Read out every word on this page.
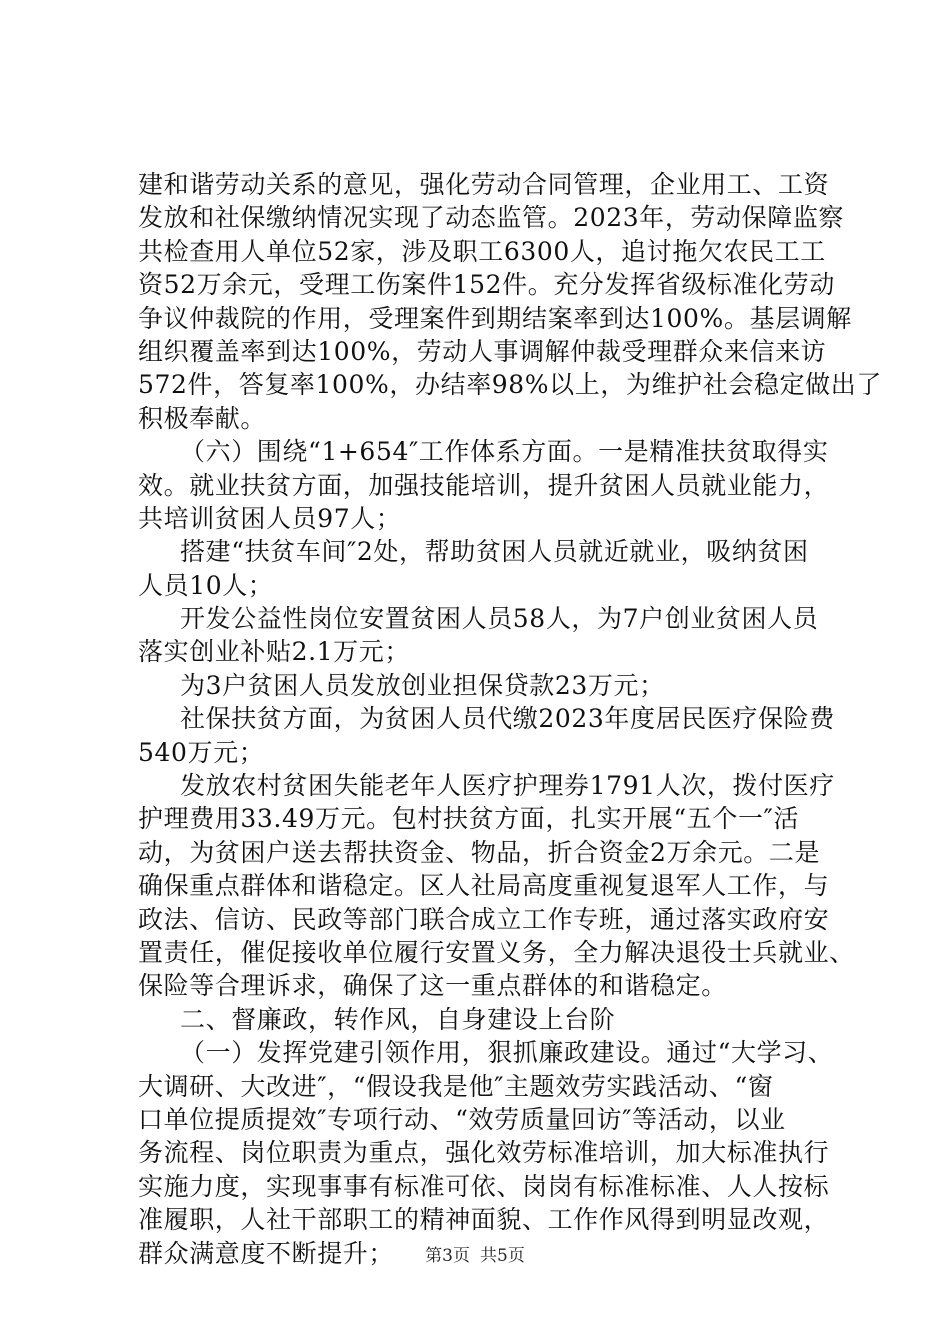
建和谐劳动关系的意见，强化劳动合同管理，企业用工、工资
发放和社保缴纳情况实现了动态监管。2023年，劳动保障监察
共检查用人单位52家，涉及职工6300人，追讨拖欠农民工工
资52万余元，受理工伤案件152件。充分发挥省级标准化劳动
争议仲裁院的作用，受理案件到期结案率到达100%。基层调解
组织覆盖率到达100%，劳动人事调解仲裁受理群众来信来访
572件，答复率100%，办结率98%以上，为维护社会稳定做出了
积极奉献。
（六）围绕“1+654″工作体系方面。一是精准扶贫取得实
效。就业扶贫方面，加强技能培训，提升贫困人员就业能力，
共培训贫困人员97人；
搭建“扶贫车间″2处，帮助贫困人员就近就业，吸纳贫困
人员10人；
开发公益性岗位安置贫困人员58人，为7户创业贫困人员
落实创业补贴2.1万元；
为3户贫困人员发放创业担保贷款23万元；
社保扶贫方面，为贫困人员代缴2023年度居民医疗保险费
540万元；
发放农村贫困失能老年人医疗护理券1791人次，拨付医疗
护理费用33.49万元。包村扶贫方面，扎实开展“五个一″活
动，为贫困户送去帮扶资金、物品，折合资金2万余元。二是
确保重点群体和谐稳定。区人社局高度重视复退军人工作，与
政法、信访、民政等部门联合成立工作专班，通过落实政府安
置责任，催促接收单位履行安置义务，全力解决退役士兵就业、
保险等合理诉求，确保了这一重点群体的和谐稳定。
二、督廉政，转作风，自身建设上台阶
（一）发挥党建引领作用，狠抓廉政建设。通过“大学习、
大调研、大改进″，“假设我是他″主题效劳实践活动、“窗
口单位提质提效″专项行动、“效劳质量回访″等活动，以业
务流程、岗位职责为重点，强化效劳标准培训，加大标准执行
实施力度，实现事事有标准可依、岗岗有标准标准、人人按标
准履职，人社干部职工的精神面貌、工作作风得到明显改观，
群众满意度不断提升；	第3页 共5页
